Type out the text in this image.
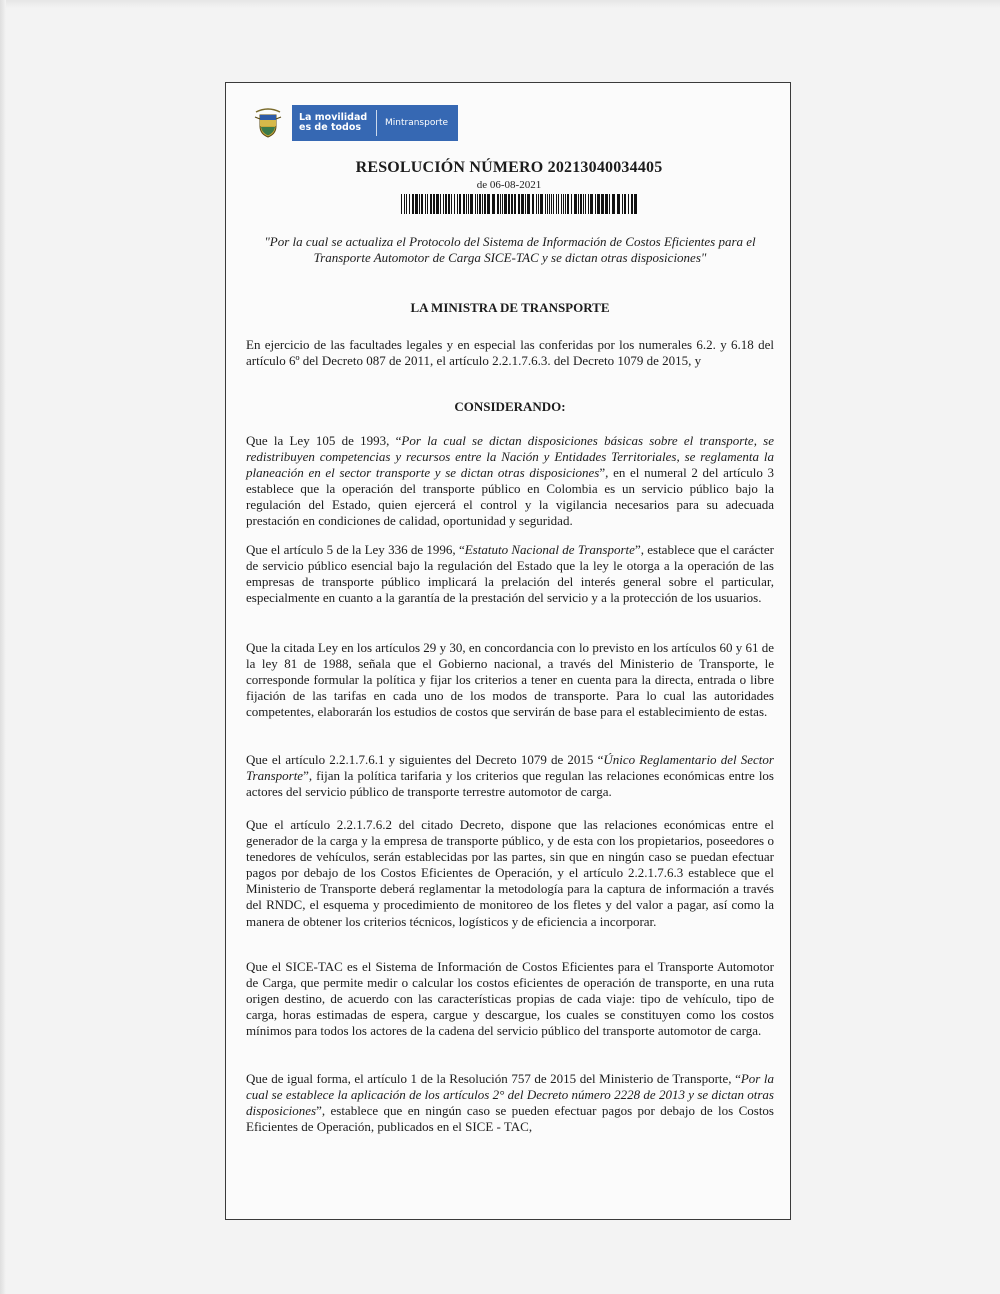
La movilidad
es de todos	Mintransporte
RESOLUCIÓN NÚMERO 20213040034405
de 06-08-2021
"Por la cual se actualiza el Protocolo del Sistema de Información de Costos Eficientes para el Transporte Automotor de Carga SICE-TAC y se dictan otras disposiciones"
LA MINISTRA DE TRANSPORTE
En ejercicio de las facultades legales y en especial las conferidas por los numerales 6.2. y 6.18 del artículo 6º del Decreto 087 de 2011, el artículo 2.2.1.7.6.3. del Decreto 1079 de 2015, y
CONSIDERANDO:
Que la Ley 105 de 1993, “Por la cual se dictan disposiciones básicas sobre el transporte, se redistribuyen competencias y recursos entre la Nación y Entidades Territoriales, se reglamenta la planeación en el sector transporte y se dictan otras disposiciones”, en el numeral 2 del artículo 3 establece que la operación del transporte público en Colombia es un servicio público bajo la regulación del Estado, quien ejercerá el control y la vigilancia necesarios para su adecuada prestación en condiciones de calidad, oportunidad y seguridad.
Que el artículo 5 de la Ley 336 de 1996, “Estatuto Nacional de Transporte”, establece que el carácter de servicio público esencial bajo la regulación del Estado que la ley le otorga a la operación de las empresas de transporte público implicará la prelación del interés general sobre el particular, especialmente en cuanto a la garantía de la prestación del servicio y a la protección de los usuarios.
Que la citada Ley en los artículos 29 y 30, en concordancia con lo previsto en los artículos 60 y 61 de la ley 81 de 1988, señala que el Gobierno nacional, a través del Ministerio de Transporte, le corresponde formular la política y fijar los criterios a tener en cuenta para la directa, entrada o libre fijación de las tarifas en cada uno de los modos de transporte. Para lo cual las autoridades competentes, elaborarán los estudios de costos que servirán de base para el establecimiento de estas.
Que el artículo 2.2.1.7.6.1 y siguientes del Decreto 1079 de 2015 “Único Reglamentario del Sector Transporte”, fijan la política tarifaria y los criterios que regulan las relaciones económicas entre los actores del servicio público de transporte terrestre automotor de carga.
Que el artículo 2.2.1.7.6.2 del citado Decreto, dispone que las relaciones económicas entre el generador de la carga y la empresa de transporte público, y de esta con los propietarios, poseedores o tenedores de vehículos, serán establecidas por las partes, sin que en ningún caso se puedan efectuar pagos por debajo de los Costos Eficientes de Operación, y el artículo 2.2.1.7.6.3 establece que el Ministerio de Transporte deberá reglamentar la metodología para la captura de información a través del RNDC, el esquema y procedimiento de monitoreo de los fletes y del valor a pagar, así como la manera de obtener los criterios técnicos, logísticos y de eficiencia a incorporar.
Que el SICE-TAC es el Sistema de Información de Costos Eficientes para el Transporte Automotor de Carga, que permite medir o calcular los costos eficientes de operación de transporte, en una ruta origen destino, de acuerdo con las características propias de cada viaje: tipo de vehículo, tipo de carga, horas estimadas de espera, cargue y descargue, los cuales se constituyen como los costos mínimos para todos los actores de la cadena del servicio público del transporte automotor de carga.
Que de igual forma, el artículo 1 de la Resolución 757 de 2015 del Ministerio de Transporte, “Por la cual se establece la aplicación de los artículos 2° del Decreto número 2228 de 2013 y se dictan otras disposiciones”, establece que en ningún caso se pueden efectuar pagos por debajo de los Costos Eficientes de Operación, publicados en el SICE - TAC,
